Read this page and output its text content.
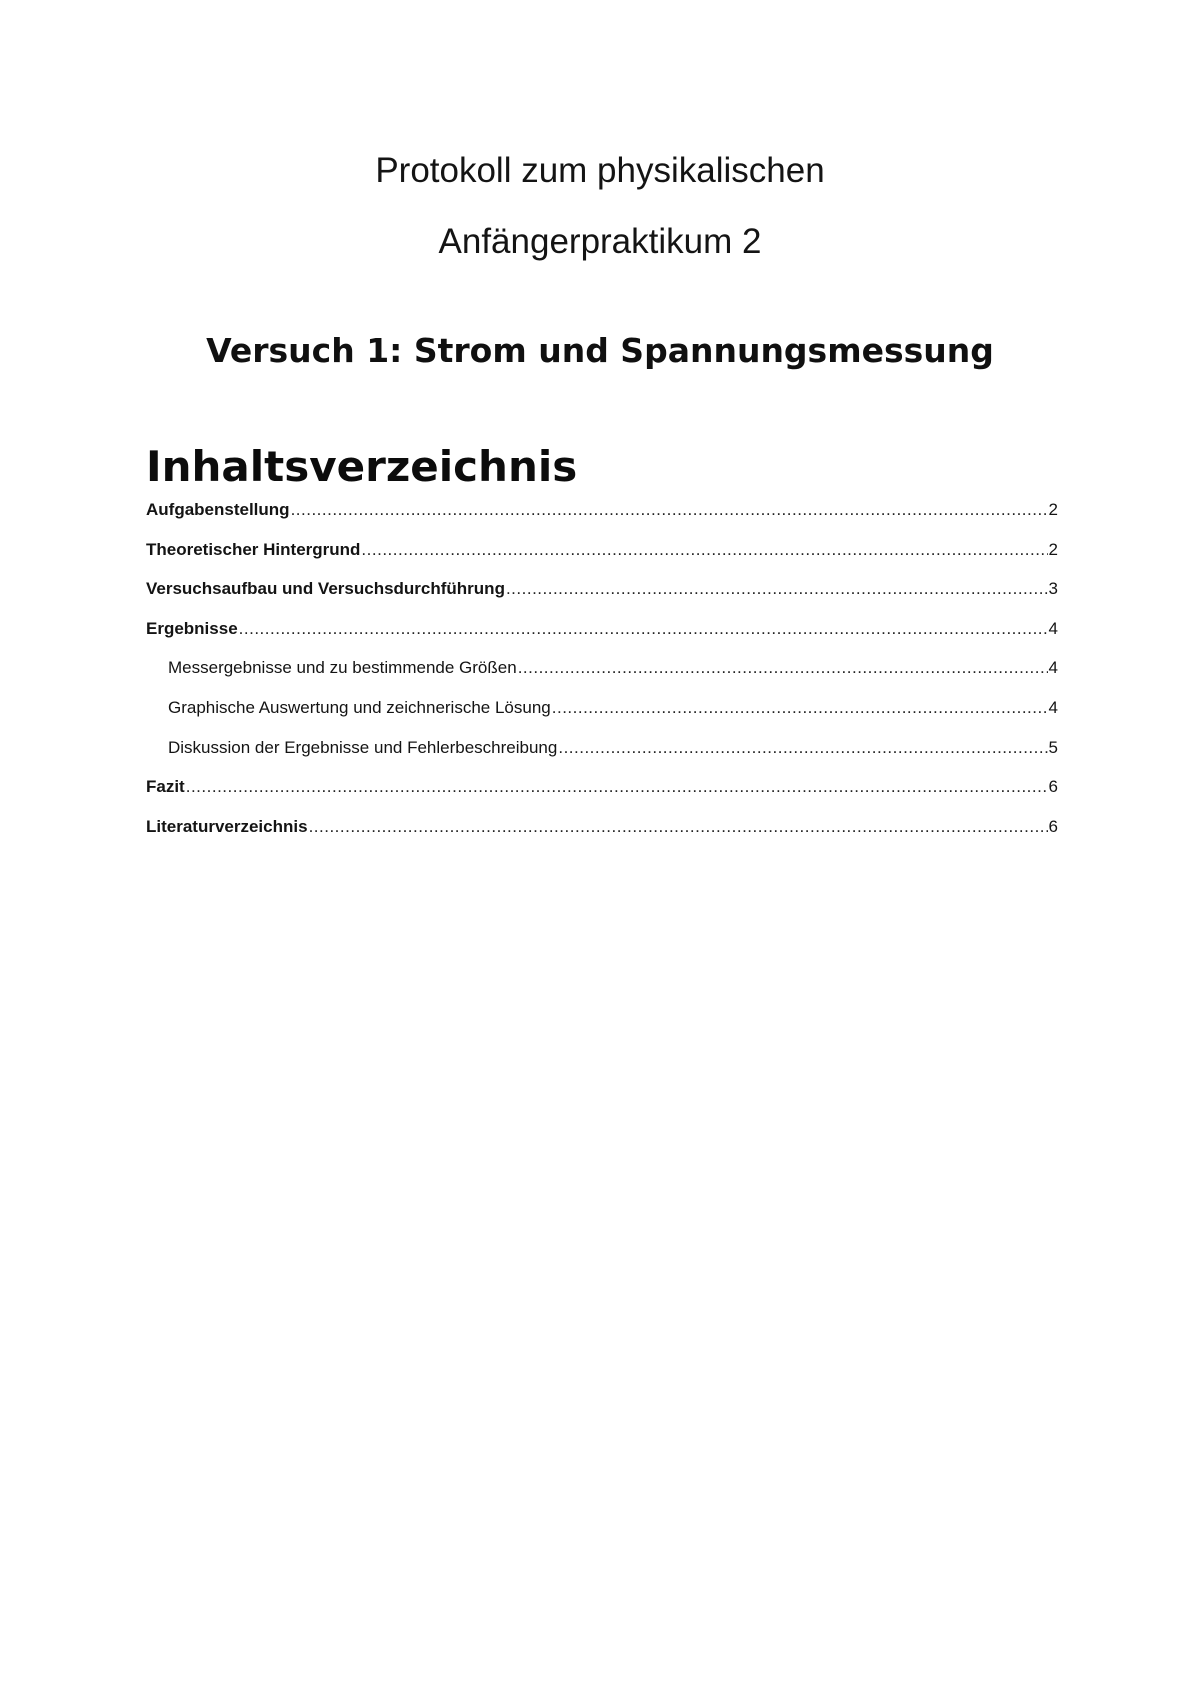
Protokoll zum physikalischen
Anfängerpraktikum 2
Versuch 1: Strom und Spannungsmessung
Inhaltsverzeichnis
Aufgabenstellung .....	2
Theoretischer Hintergrund .....	2
Versuchsaufbau und Versuchsdurchführung .....	3
Ergebnisse .....	4
Messergebnisse und zu bestimmende Größen .....	4
Graphische Auswertung und zeichnerische Lösung .....	4
Diskussion der Ergebnisse und Fehlerbeschreibung .....	5
Fazit .....	6
Literaturverzeichnis .....	6
